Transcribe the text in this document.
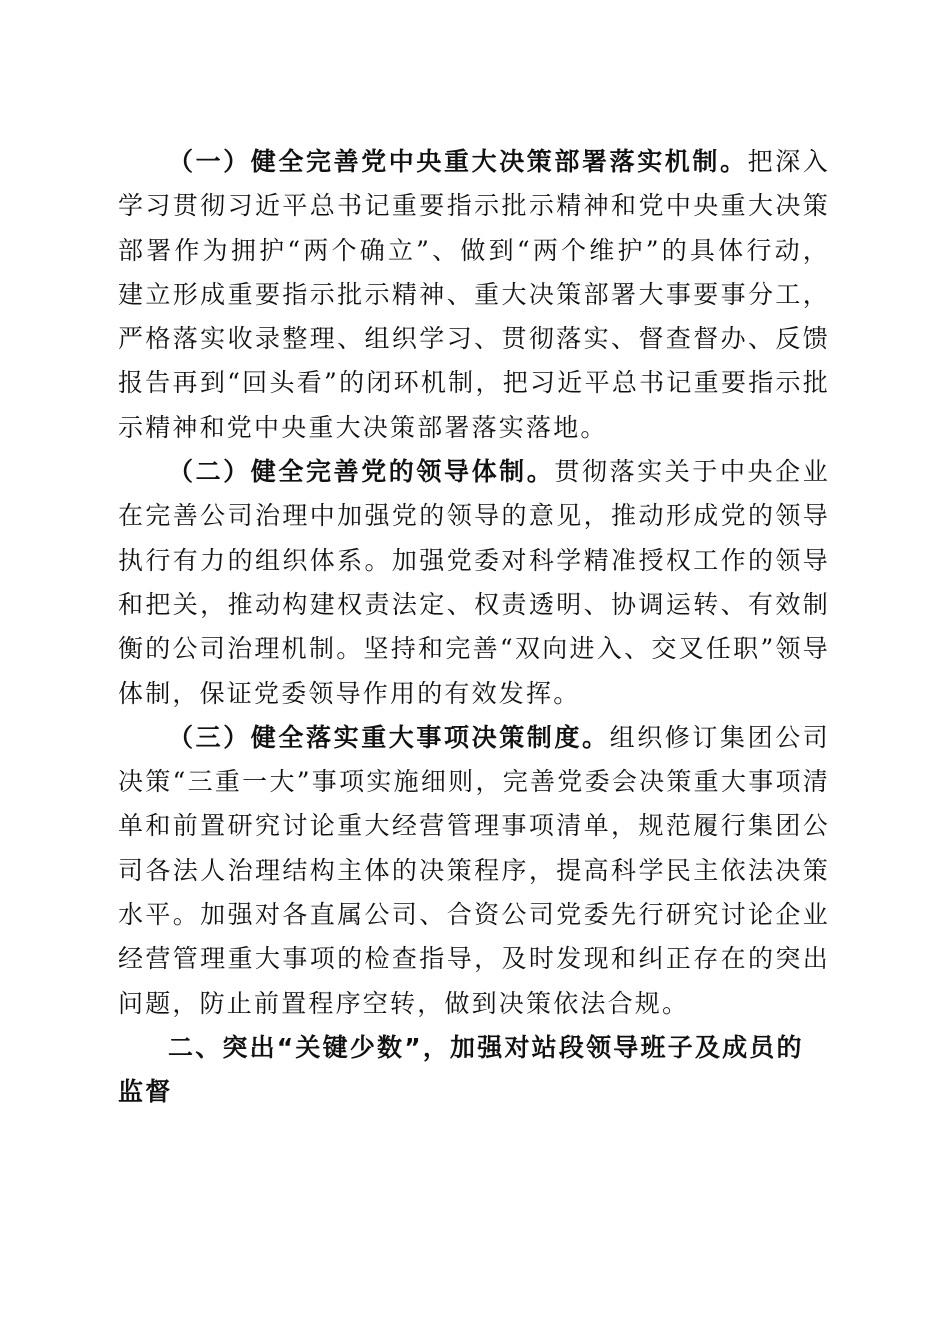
（一）健全完善党中央重大决策部署落实机制。把深入学习贯彻习近平总书记重要指示批示精神和党中央重大决策部署作为拥护“两个确立”、做到“两个维护”的具体行动，建立形成重要指示批示精神、重大决策部署大事要事分工，严格落实收录整理、组织学习、贯彻落实、督查督办、反馈报告再到“回头看”的闭环机制，把习近平总书记重要指示批示精神和党中央重大决策部署落实落地。

（二）健全完善党的领导体制。贯彻落实关于中央企业在完善公司治理中加强党的领导的意见，推动形成党的领导执行有力的组织体系。加强党委对科学精准授权工作的领导和把关，推动构建权责法定、权责透明、协调运转、有效制衡的公司治理机制。坚持和完善“双向进入、交叉任职”领导体制，保证党委领导作用的有效发挥。

（三）健全落实重大事项决策制度。组织修订集团公司决策“三重一大”事项实施细则，完善党委会决策重大事项清单和前置研究讨论重大经营管理事项清单，规范履行集团公司各法人治理结构主体的决策程序，提高科学民主依法决策水平。加强对各直属公司、合资公司党委先行研究讨论企业经营管理重大事项的检查指导，及时发现和纠正存在的突出问题，防止前置程序空转，做到决策依法合规。

二、突出“关键少数”，加强对站段领导班子及成员的监督
